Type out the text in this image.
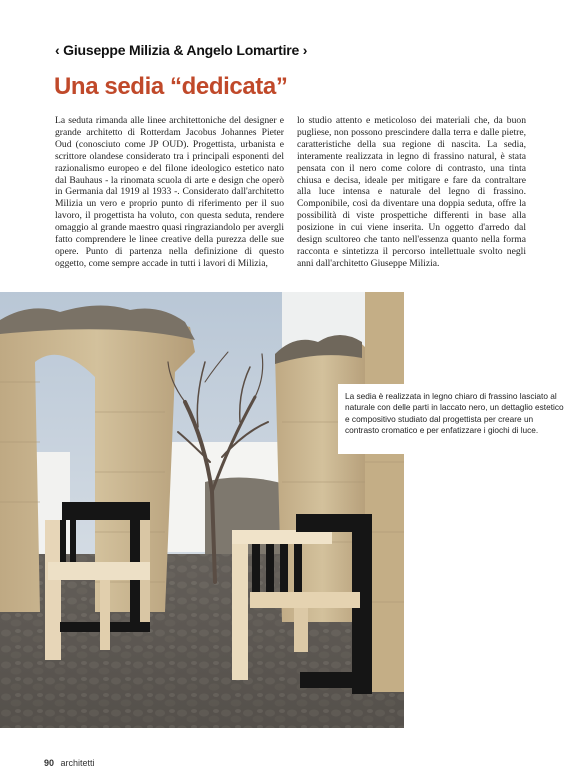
‹ Giuseppe Milizia & Angelo Lomartire ›
Una sedia “dedicata”
La seduta rimanda alle linee architettoniche del designer e grande architetto di Rotterdam Jacobus Johannes Pieter Oud (conosciuto come JP OUD). Progettista, urbanista e scrittore olandese considerato tra i principali esponenti del razionalismo europeo e del filone ideologico estetico nato dal Bauhaus - la rinomata scuola di arte e design che operò in Germania dal 1919 al 1933 -. Considerato dall'architetto Milizia un vero e proprio punto di riferimento per il suo lavoro, il progettista ha voluto, con questa seduta, rendere omaggio al grande maestro quasi ringraziandolo per avergli fatto comprendere le linee creative della purezza delle sue opere. Punto di partenza nella definizione di questo oggetto, come sempre accade in tutti i lavori di Milizia,
lo studio attento e meticoloso dei materiali che, da buon pugliese, non possono prescindere dalla terra e dalle pietre, caratteristiche della sua regione di nascita. La sedia, interamente realizzata in legno di frassino natural, è stata pensata con il nero come colore di contrasto, una tinta chiusa e decisa, ideale per mitigare e fare da contraltare alla luce intensa e naturale del legno di frassino. Componibile, così da diventare una doppia seduta, offre la possibilità di viste prospettiche differenti in base alla posizione in cui viene inserita. Un oggetto d'arredo dal design scultoreo che tanto nell'essenza quanto nella forma racconta e sintetizza il percorso intellettuale svolto negli anni dall'architetto Giuseppe Milizia.
La sedia è realizzata in legno chiaro di frassino lasciato al naturale con delle parti in laccato nero, un dettaglio estetico e compositivo studiato dal progettista per creare un contrasto cromatico e per enfatizzare i giochi di luce.
90 architetti
